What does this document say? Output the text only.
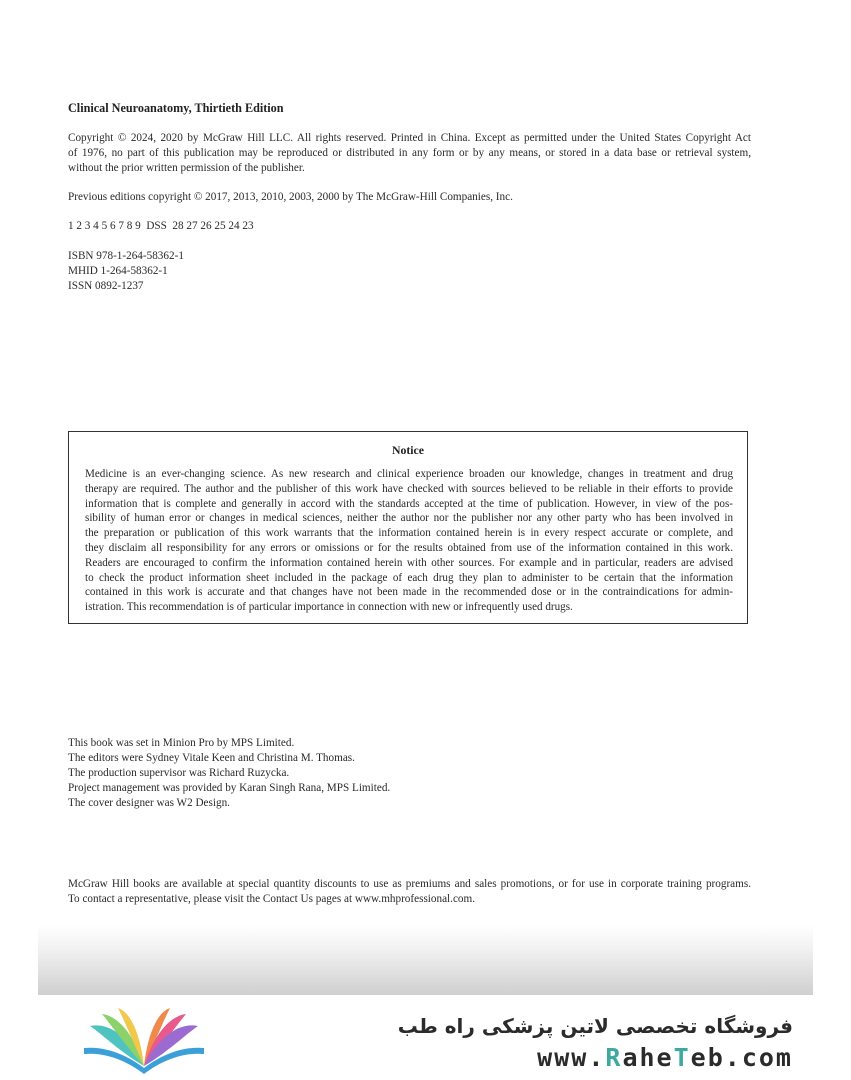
Clinical Neuroanatomy, Thirtieth Edition
Copyright © 2024, 2020 by McGraw Hill LLC. All rights reserved. Printed in China. Except as permitted under the United States Copyright Act
of 1976, no part of this publication may be reproduced or distributed in any form or by any means, or stored in a data base or retrieval system,
without the prior written permission of the publisher.
Previous editions copyright © 2017, 2013, 2010, 2003, 2000 by The McGraw-Hill Companies, Inc.
1 2 3 4 5 6 7 8 9  DSS  28 27 26 25 24 23
ISBN 978-1-264-58362-1
MHID 1-264-58362-1
ISSN 0892-1237
Notice
Medicine is an ever-changing science. As new research and clinical experience broaden our knowledge, changes in treatment and drug
therapy are required. The author and the publisher of this work have checked with sources believed to be reliable in their efforts to provide
information that is complete and generally in accord with the standards accepted at the time of publication. However, in view of the pos-
sibility of human error or changes in medical sciences, neither the author nor the publisher nor any other party who has been involved in
the preparation or publication of this work warrants that the information contained herein is in every respect accurate or complete, and
they disclaim all responsibility for any errors or omissions or for the results obtained from use of the information contained in this work.
Readers are encouraged to confirm the information contained herein with other sources. For example and in particular, readers are advised
to check the product information sheet included in the package of each drug they plan to administer to be certain that the information
contained in this work is accurate and that changes have not been made in the recommended dose or in the contraindications for admin-
istration. This recommendation is of particular importance in connection with new or infrequently used drugs.
This book was set in Minion Pro by MPS Limited.
The editors were Sydney Vitale Keen and Christina M. Thomas.
The production supervisor was Richard Ruzycka.
Project management was provided by Karan Singh Rana, MPS Limited.
The cover designer was W2 Design.
McGraw Hill books are available at special quantity discounts to use as premiums and sales promotions, or for use in corporate training programs.
To contact a representative, please visit the Contact Us pages at www.mhprofessional.com.
فروشگاه تخصصی لاتین پزشکی راه طب
www.RaheTeb.com
